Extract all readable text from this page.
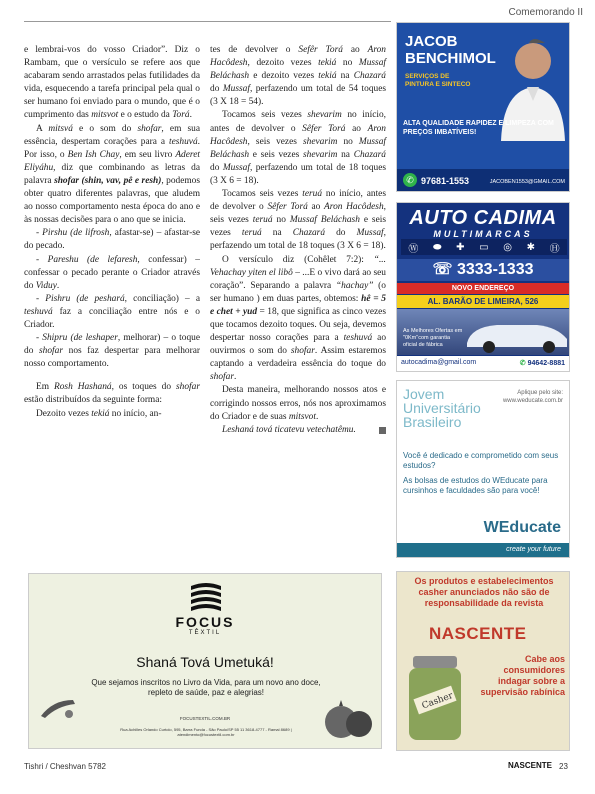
Comemorando II

e lembrai-vos do vosso Criador”. Diz o Rambam, que o versículo se refere aos que acabaram sendo arrastados pelas futilidades da vida, esquecendo a tarefa principal pela qual o ser humano foi enviado para o mundo, que é o cumprimento das mitsvot e o estudo da Torá.

A mitsvá e o som do shofar, em sua essência, despertam corações para a teshuvá. Por isso, o Ben Ish Chay, em seu livro Aderet Eliyáhu, diz que combinando as letras da palavra shofar (shin, vav, pê e resh), podemos obter quatro diferentes palavras, que aludem ao nosso comportamento nesta época do ano e às nossas decisões para o ano que se inicia.

- Pirshu (de lifrosh, afastar-se) – afastar-se do pecado.

- Pareshu (de lefaresh, confessar) – confessar o pecado perante o Criador através do Viduy.

- Pishru (de peshará, conciliação) – a teshuvá faz a conciliação entre nós e o Criador.

- Shipru (de leshaper, melhorar) – o toque do shofar nos faz despertar para melhorar nosso comportamento.

Em Rosh Hashaná, os toques do shofar estão distribuídos da seguinte forma:

Dezoito vezes tekiá no início, an-

tes de devolver o Sefêr Torá ao Aron Hacôdesh, dezoito vezes tekiá no Mussaf Beláchash e dezoito vezes tekiá na Chazará do Mussaf, perfazendo um total de 54 toques (3 X 18 = 54).

Tocamos seis vezes shevarim no início, antes de devolver o Sêfer Torá ao Aron Hacôdesh, seis vezes shevarim no Mussaf Beláchash e seis vezes shevarim na Chazará do Mussaf, perfazendo um total de 18 toques (3 X 6 = 18).

Tocamos seis vezes teruá no início, antes de devolver o Sêfer Torá ao Aron Hacôdesh, seis vezes teruá no Mussaf Beláchash e seis vezes teruá na Chazará do Mussaf, perfazendo um total de 18 toques (3 X 6 = 18).

O versículo diz (Cohêlet 7:2): “... Vehachay yiten el libô – ...E o vivo dará ao seu coração”. Separando a palavra “hachay” (o ser humano ) em duas partes, obtemos: hê = 5 e chet + yud = 18, que significa as cinco vezes que tocamos dezoito toques. Ou seja, devemos despertar nosso corações para a teshuvá ao ouvirmos o som do shofar. Assim estaremos captando a verdadeira essência do toque do shofar.

Desta maneira, melhorando nossos atos e corrigindo nossos erros, nós nos aproximamos do Criador e de suas mitsvot.

Leshaná tová ticatevu vetechatêmu.

JACOB
BENCHIMOL
SERVIÇOS DE
PINTURA E SINTECO
ALTA QUALIDADE RAPIDEZ E LIMPEZA COM PREÇOS IMBATÍVEIS!
✆ 97681-1553	JACOBEN1553@GMAIL.COM
AUTO CADIMA
MULTIMARCAS
Ⓦ ⬬ ✚ ▭ ◎ ✱ Ⓗ
☏ 3333-1333
NOVO ENDEREÇO
AL. BARÃO DE LIMEIRA, 526
As Melhores Ofertas em "0Km"com garantia oficial de fábrica
autocadima@gmail.com	✆ 94642-8881
Jovem
Universitário
Brasileiro
Aplique pelo site:
www.weducate.com.br
Você é dedicado e comprometido com seus estudos?
As bolsas de estudos do WEducate para cursinhos e faculdades são para você!
WEducate
create your future
Os produtos e estabelecimentos casher anunciados não são de responsabilidade da revista
NASCENTE
Casher
Cabe aos consumidores indagar sobre a supervisão rabínica
FOCUS
TÊXTIL
Shaná Tová Umetuká!
Que sejamos inscritos no Livro da Vida, para um novo ano doce, repleto de saúde, paz e alegrias!
FOCUSTEXTIL.COM.BR
Rua Achilles Orlando Curtolo, 595, Barra Funda - São Paulo/SP 55 11 3618-4777 - Ramal 8689 | atendimento@focustextil.com.br
Tishri / Cheshvan 5782	NASCENTE 23
